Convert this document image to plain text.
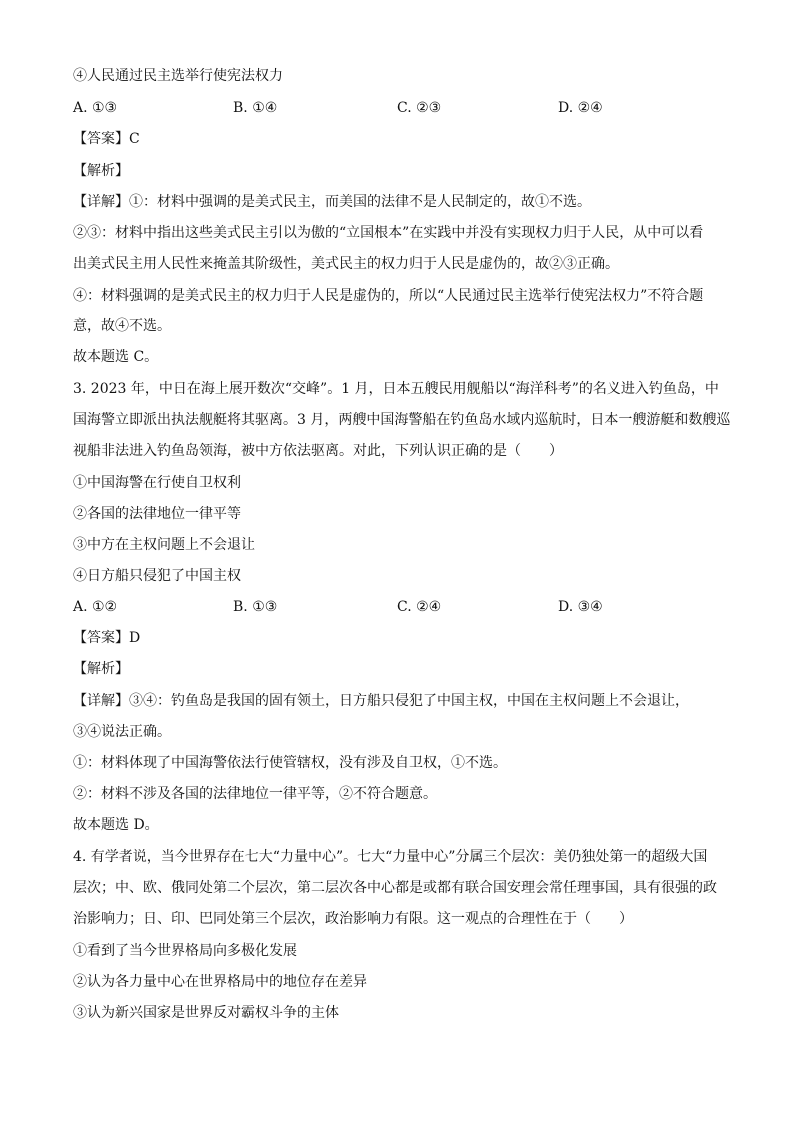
④人民通过民主选举行使宪法权力
A. ①③	B. ①④	C. ②③	D. ②④
【答案】C
【解析】
【详解】①：材料中强调的是美式民主，而美国的法律不是人民制定的，故①不选。
②③：材料中指出这些美式民主引以为傲的“立国根本”在实践中并没有实现权力归于人民，从中可以看
出美式民主用人民性来掩盖其阶级性，美式民主的权力归于人民是虚伪的，故②③正确。
④：材料强调的是美式民主的权力归于人民是虚伪的，所以“人民通过民主选举行使宪法权力”不符合题
意，故④不选。
故本题选 C。
3. 2023 年，中日在海上展开数次“交峰”。1 月，日本五艘民用舰船以“海洋科考”的名义进入钓鱼岛，中
国海警立即派出执法舰艇将其驱离。3 月，两艘中国海警船在钓鱼岛水域内巡航时，日本一艘游艇和数艘巡
视船非法进入钓鱼岛领海，被中方依法驱离。对此，下列认识正确的是（　　）
①中国海警在行使自卫权利
②各国的法律地位一律平等
③中方在主权问题上不会退让
④日方船只侵犯了中国主权
A. ①②	B. ①③	C. ②④	D. ③④
【答案】D
【解析】
【详解】③④：钓鱼岛是我国的固有领土，日方船只侵犯了中国主权，中国在主权问题上不会退让，
③④说法正确。
①：材料体现了中国海警依法行使管辖权，没有涉及自卫权，①不选。
②：材料不涉及各国的法律地位一律平等，②不符合题意。
故本题选 D。
4. 有学者说，当今世界存在七大“力量中心”。七大“力量中心”分属三个层次：美仍独处第一的超级大国
层次；中、欧、俄同处第二个层次，第二层次各中心都是或都有联合国安理会常任理事国，具有很强的政
治影响力；日、印、巴同处第三个层次，政治影响力有限。这一观点的合理性在于（　　）
①看到了当今世界格局向多极化发展
②认为各力量中心在世界格局中的地位存在差异
③认为新兴国家是世界反对霸权斗争的主体
